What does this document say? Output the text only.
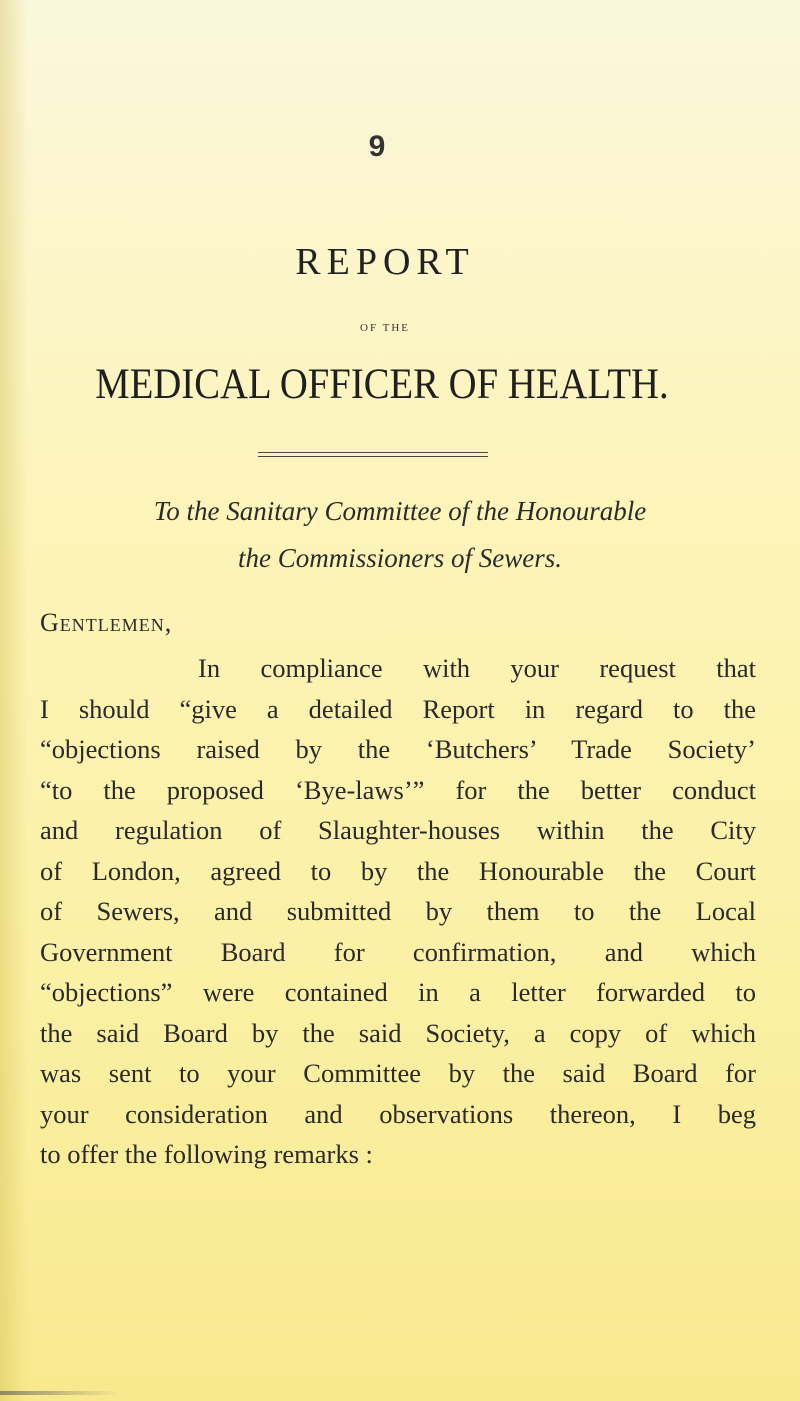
9
REPORT
OF THE
MEDICAL OFFICER OF HEALTH.
To the Sanitary Committee of the Honourable
the Commissioners of Sewers.
Gentlemen,
In compliance with your request that
I should “give a detailed Report in regard to the
“objections raised by the ‘Butchers’ Trade Society’
“to the proposed ‘Bye-laws’” for the better conduct
and regulation of Slaughter-houses within the City
of London, agreed to by the Honourable the Court
of Sewers, and submitted by them to the Local
Government Board for confirmation, and which
“objections” were contained in a letter forwarded to
the said Board by the said Society, a copy of which
was sent to your Committee by the said Board for
your consideration and observations thereon, I beg
to offer the following remarks :
